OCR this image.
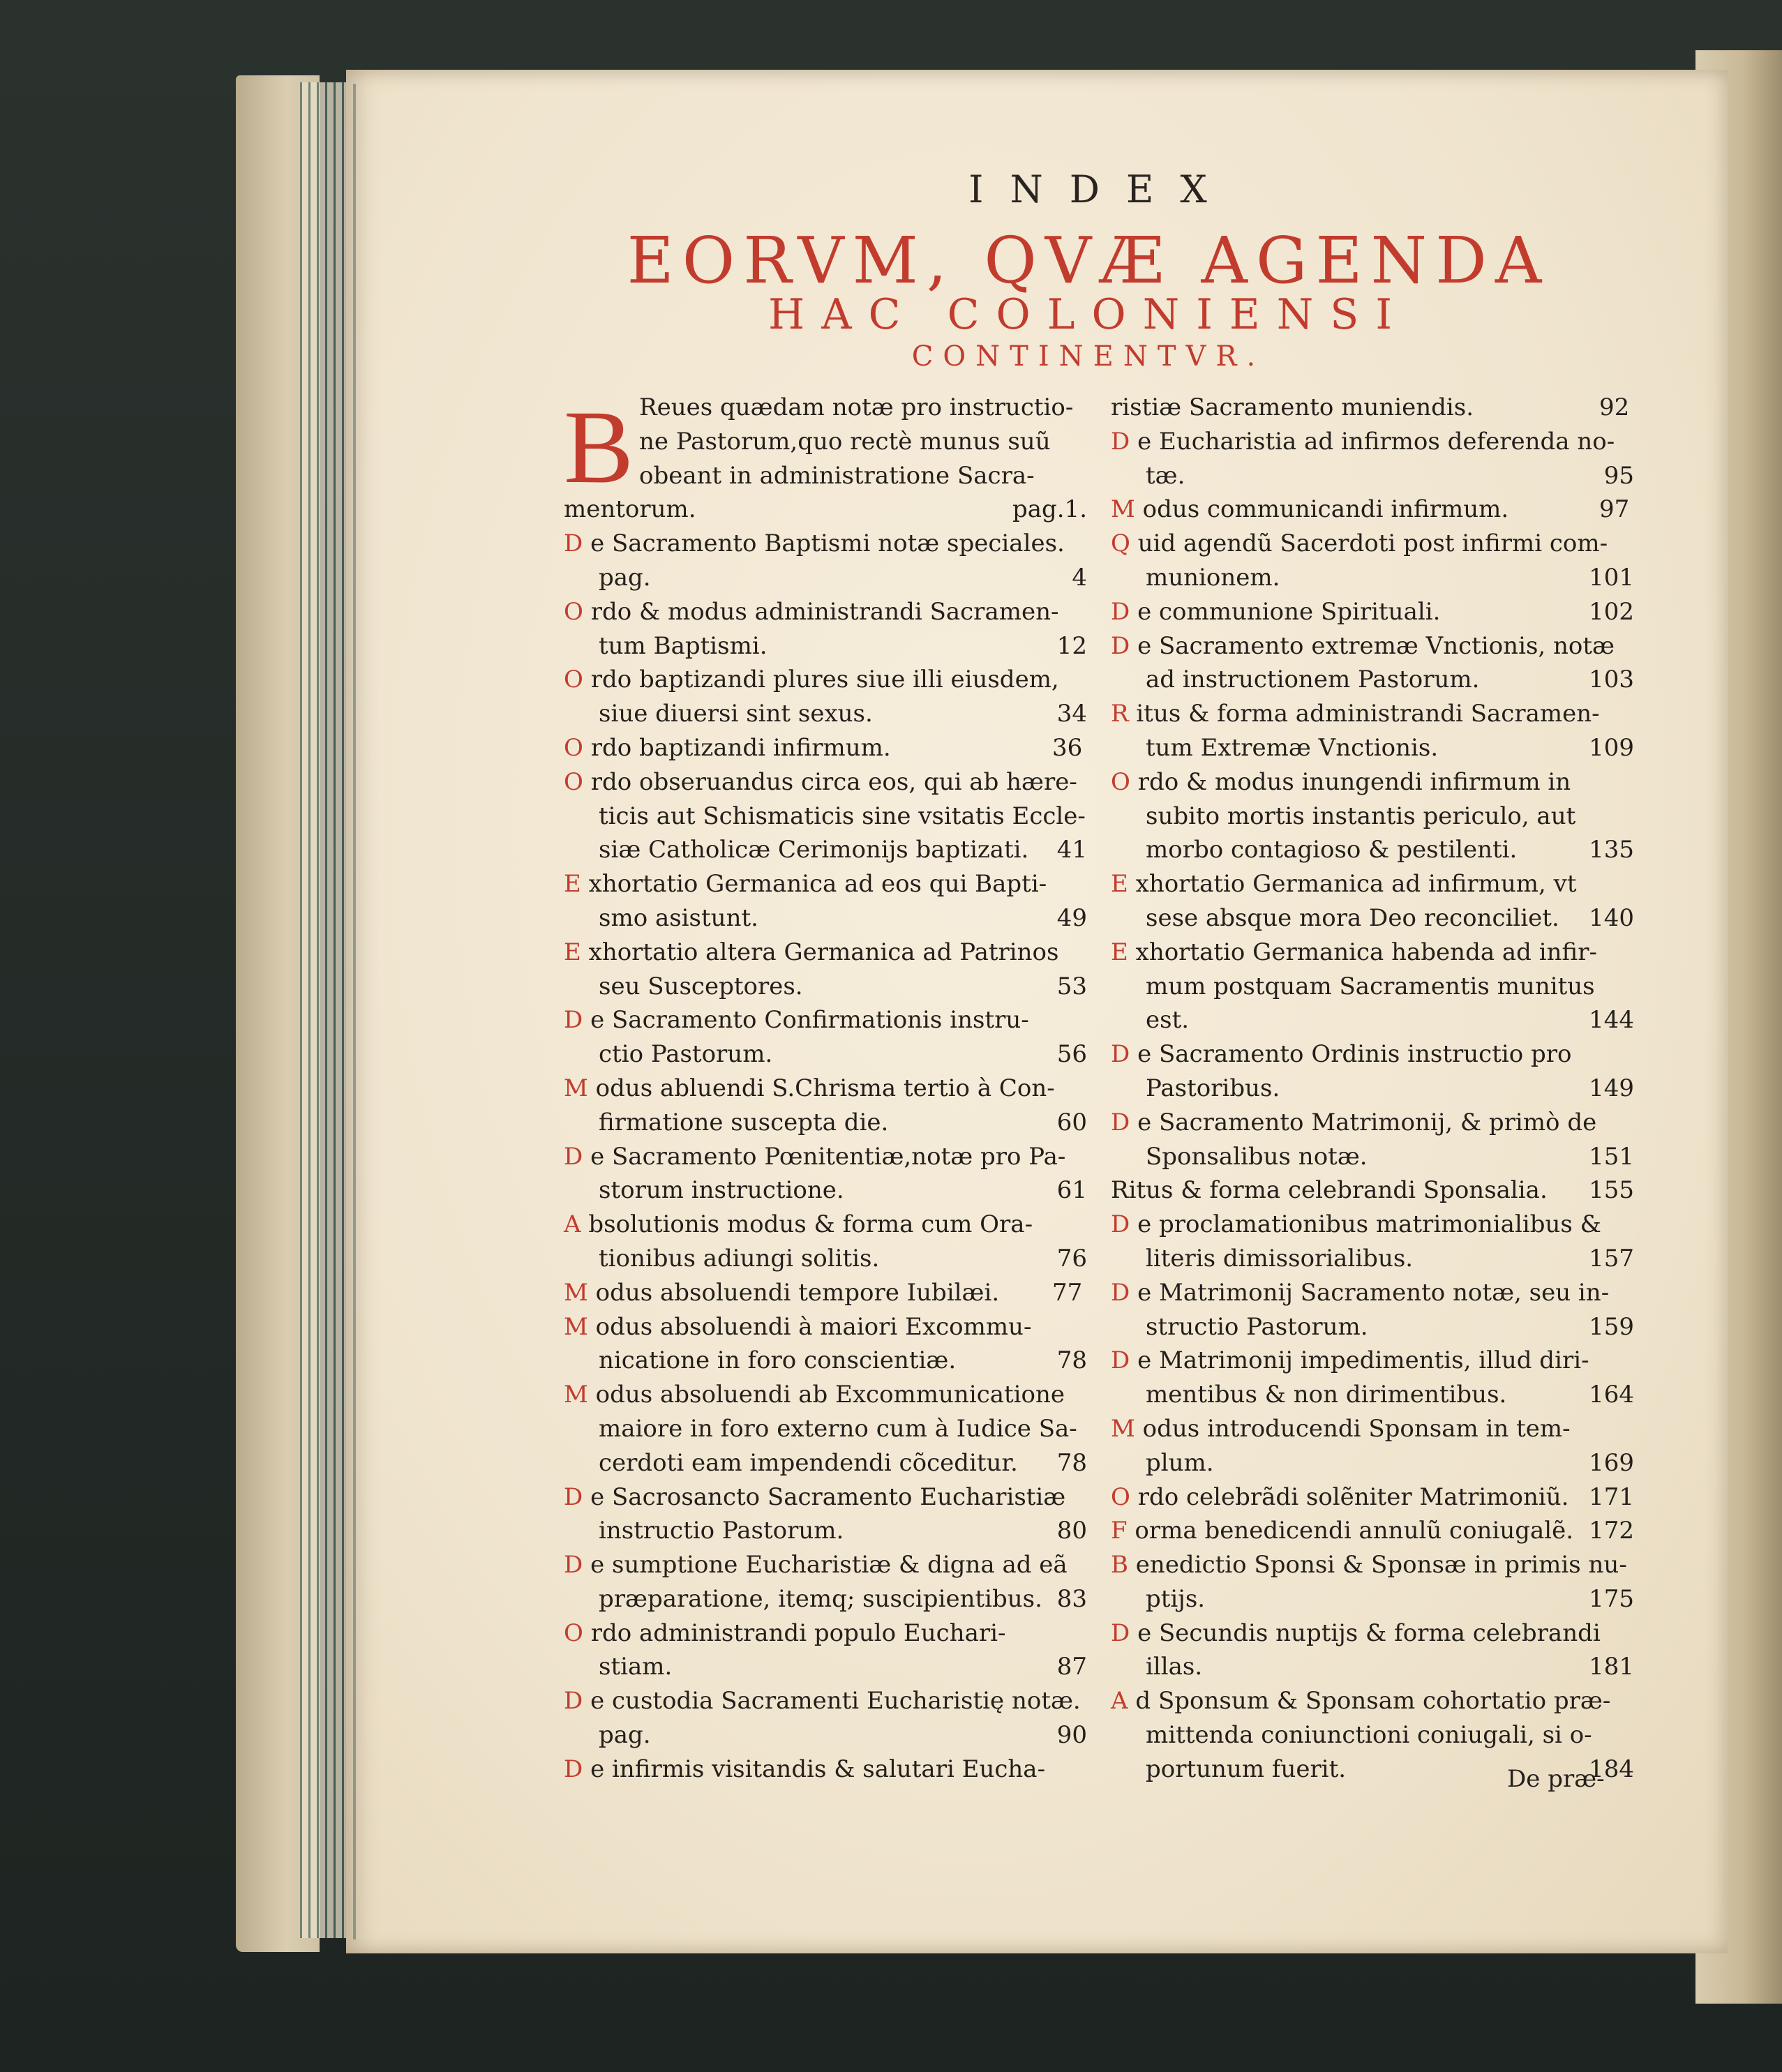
INDEX
EORVM, QVÆ AGENDA
HAC COLONIENSI
CONTINENTVR.
B Reues quædam notæ pro instructio-
ne Pastorum,quo rectè munus suũ
obeant in administratione Sacra-
mentorum.	pag.1.
D e Sacramento Baptismi notæ speciales.
pag.	4
O rdo & modus administrandi Sacramen-
tum Baptismi.	12
O rdo baptizandi plures siue illi eiusdem,
siue diuersi sint sexus.	34
O rdo baptizandi infirmum.	36
O rdo obseruandus circa eos, qui ab hære-
ticis aut Schismaticis sine vsitatis Eccle-
siæ Catholicæ Cerimonijs baptizati. 41
E xhortatio Germanica ad eos qui Bapti-
smo asistunt.	49
E xhortatio altera Germanica ad Patrinos
seu Susceptores.	53
D e Sacramento Confirmationis instru-
ctio Pastorum.	56
M odus abluendi S.Chrisma tertio à Con-
firmatione suscepta die.	60
D e Sacramento Pœnitentiæ,notæ pro Pa-
storum instructione.	61
A bsolutionis modus & forma cum Ora-
tionibus adiungi solitis.	76
M odus absoluendi tempore Iubilæi. 77
M odus absoluendi à maiori Excommu-
nicatione in foro conscientiæ.	78
M odus absoluendi ab Excommunicatione
maiore in foro externo cum à Iudice Sa-
cerdoti eam impendendi cõceditur. 78
D e Sacrosancto Sacramento Eucharistiæ
instructio Pastorum.	80
D e sumptione Eucharistiæ & digna ad eã
præparatione, itemq; suscipientibus. 83
O rdo administrandi populo Euchari-
stiam.	87
D e custodia Sacramenti Eucharistię notæ.
pag.	90
D e infirmis visitandis & salutari Eucha-
ristiæ Sacramento muniendis.	92
D e Eucharistia ad infirmos deferenda no-
tæ.	95
M odus communicandi infirmum.	97
Q uid agendũ Sacerdoti post infirmi com-
munionem.	101
D e communione Spirituali.	102
D e Sacramento extremæ Vnctionis, notæ
ad instructionem Pastorum.	103
R itus & forma administrandi Sacramen-
tum Extremæ Vnctionis.	109
O rdo & modus inungendi infirmum in
subito mortis instantis periculo, aut
morbo contagioso & pestilenti.	135
E xhortatio Germanica ad infirmum, vt
sese absque mora Deo reconciliet. 140
E xhortatio Germanica habenda ad infir-
mum postquam Sacramentis munitus
est.	144
D e Sacramento Ordinis instructio pro
Pastoribus.	149
D e Sacramento Matrimonij, & primò de
Sponsalibus notæ.	151
Ritus & forma celebrandi Sponsalia. 155
D e proclamationibus matrimonialibus &
literis dimissorialibus.	157
D e Matrimonij Sacramento notæ, seu in-
structio Pastorum.	159
D e Matrimonij impedimentis, illud diri-
mentibus & non dirimentibus.	164
M odus introducendi Sponsam in tem-
plum.	169
O rdo celebrãdi solẽniter Matrimoniũ. 171
F orma benedicendi annulũ coniugalẽ. 172
B enedictio Sponsi & Sponsæ in primis nu-
ptijs.	175
D e Secundis nuptijs & forma celebrandi
illas.	181
A d Sponsum & Sponsam cohortatio præ-
mittenda coniunctioni coniugali, si o-
portunum fuerit.	184
De præ-
